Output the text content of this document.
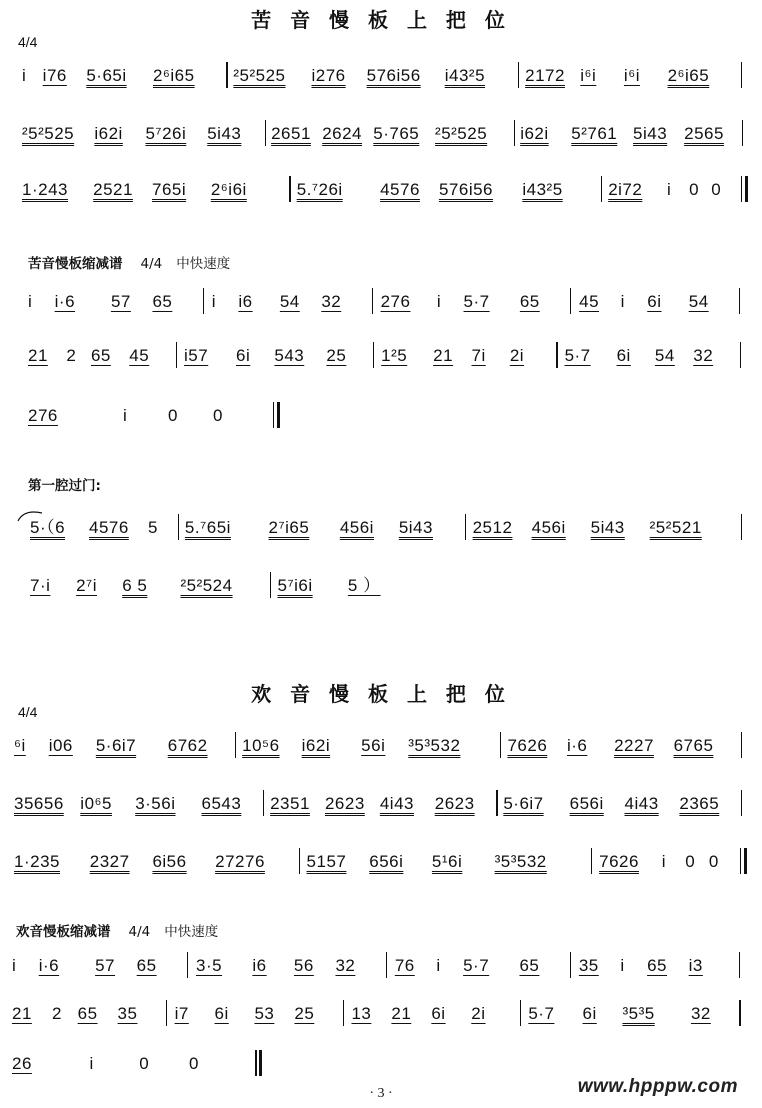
苦 音 慢 板 上 把 位
4/4
i i76 5·65i 2⁶i65 ²5²525 i276 576i56 i43²5 2172 i⁶i i⁶i 2⁶i65
²5²525 i62i 5⁷26i 5i43 2651 2624 5·765 ²5²525 i62i 5²761 5i43 2565
1·243 2521 765i 2⁶i6i	5.⁷26i 4576 576i56 i43²5	2i72 i 0 0
苦音慢板缩减谱 4/4 中快速度
i i·6 57 65 i i6 54 32 276 i 5·7 65 45 i 6i 54
21 2 65 45 i57 6i 543 25 1²5 21 7i 2i 5·7 6i 54 32
276	i 0 0
第一腔过门:
5·（6 4576 5 5.⁷65i 2⁷i65 456i 5i43 2512 456i 5i43 ²5²521
7·i 2⁷i 6 5 ²5²524	5⁷i6i 5 ）
欢 音 慢 板 上 把 位
4/4
⁶i i06 5·6i7 6762 10⁵6 i62i 56i ³5³532	7626 i·6 2227 6765
35656 i0⁶5 3·56i 6543 2351 2623 4i43 2623 5·6i7 656i 4i43 2365
1·235 2327 6i56 27276 5157 656i 5¹6i ³5³532	7626 i 0 0
欢音慢板缩减谱 4/4 中快速度
i i·6 57 65 3·5 i6 56 32 76 i 5·7 65 35 i 65 i3
21 2 65 35 i7 6i 53 25 13 21 6i 2i	5·7 6i ³5³5 32
26	i	0 0
· 3 ·	www.hpppw.com
